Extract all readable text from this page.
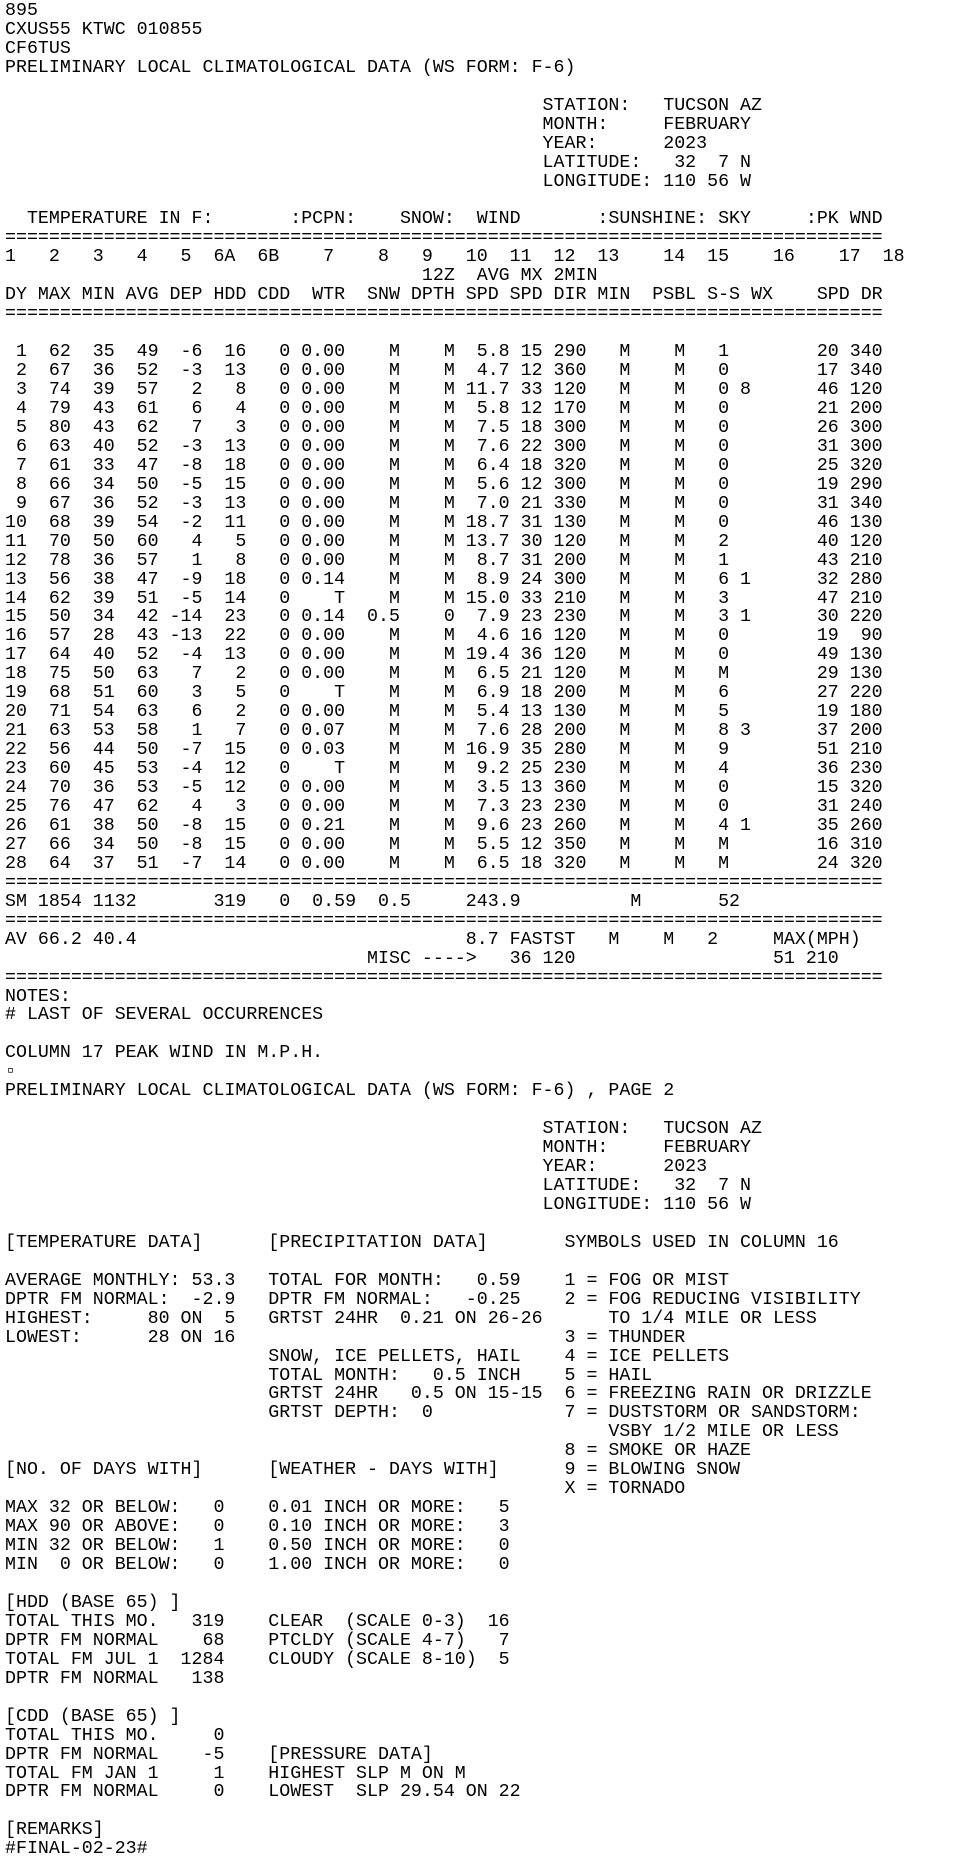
895
CXUS55 KTWC 010855
CF6TUS
PRELIMINARY LOCAL CLIMATOLOGICAL DATA (WS FORM: F-6)
STATION:   TUCSON AZ
MONTH:     FEBRUARY
YEAR:      2023
LATITUDE:   32  7 N
LONGITUDE: 110 56 W
TEMPERATURE IN F:       :PCPN:    SNOW:  WIND       :SUNSHINE: SKY     :PK WND
================================================================================
1   2   3   4   5  6A  6B    7    8   9   10  11  12  13    14  15    16    17  18
12Z  AVG MX 2MIN
DY MAX MIN AVG DEP HDD CDD  WTR  SNW DPTH SPD SPD DIR MIN  PSBL S-S WX    SPD DR
================================================================================
1  62  35  49  -6  16   0 0.00    M    M  5.8 15 290   M    M   1        20 340
2  67  36  52  -3  13   0 0.00    M    M  4.7 12 360   M    M   0        17 340
3  74  39  57   2   8   0 0.00    M    M 11.7 33 120   M    M   0 8      46 120
4  79  43  61   6   4   0 0.00    M    M  5.8 12 170   M    M   0        21 200
5  80  43  62   7   3   0 0.00    M    M  7.5 18 300   M    M   0        26 300
6  63  40  52  -3  13   0 0.00    M    M  7.6 22 300   M    M   0        31 300
7  61  33  47  -8  18   0 0.00    M    M  6.4 18 320   M    M   0        25 320
8  66  34  50  -5  15   0 0.00    M    M  5.6 12 300   M    M   0        19 290
9  67  36  52  -3  13   0 0.00    M    M  7.0 21 330   M    M   0        31 340
10  68  39  54  -2  11   0 0.00    M    M 18.7 31 130   M    M   0        46 130
11  70  50  60   4   5   0 0.00    M    M 13.7 30 120   M    M   2        40 120
12  78  36  57   1   8   0 0.00    M    M  8.7 31 200   M    M   1        43 210
13  56  38  47  -9  18   0 0.14    M    M  8.9 24 300   M    M   6 1      32 280
14  62  39  51  -5  14   0    T    M    M 15.0 33 210   M    M   3        47 210
15  50  34  42 -14  23   0 0.14  0.5    0  7.9 23 230   M    M   3 1      30 220
16  57  28  43 -13  22   0 0.00    M    M  4.6 16 120   M    M   0        19  90
17  64  40  52  -4  13   0 0.00    M    M 19.4 36 120   M    M   0        49 130
18  75  50  63   7   2   0 0.00    M    M  6.5 21 120   M    M   M        29 130
19  68  51  60   3   5   0    T    M    M  6.9 18 200   M    M   6        27 220
20  71  54  63   6   2   0 0.00    M    M  5.4 13 130   M    M   5        19 180
21  63  53  58   1   7   0 0.07    M    M  7.6 28 200   M    M   8 3      37 200
22  56  44  50  -7  15   0 0.03    M    M 16.9 35 280   M    M   9        51 210
23  60  45  53  -4  12   0    T    M    M  9.2 25 230   M    M   4        36 230
24  70  36  53  -5  12   0 0.00    M    M  3.5 13 360   M    M   0        15 320
25  76  47  62   4   3   0 0.00    M    M  7.3 23 230   M    M   0        31 240
26  61  38  50  -8  15   0 0.21    M    M  9.6 23 260   M    M   4 1      35 260
27  66  34  50  -8  15   0 0.00    M    M  5.5 12 350   M    M   M        16 310
28  64  37  51  -7  14   0 0.00    M    M  6.5 18 320   M    M   M        24 320
================================================================================
SM 1854 1132       319   0  0.59  0.5     243.9          M       52
================================================================================
AV 66.2 40.4                              8.7 FASTST   M    M   2     MAX(MPH)
MISC ---->   36 120                  51 210
================================================================================
NOTES:
# LAST OF SEVERAL OCCURRENCES
COLUMN 17 PEAK WIND IN M.P.H.
▫
PRELIMINARY LOCAL CLIMATOLOGICAL DATA (WS FORM: F-6) , PAGE 2
STATION:   TUCSON AZ
MONTH:     FEBRUARY
YEAR:      2023
LATITUDE:   32  7 N
LONGITUDE: 110 56 W
[TEMPERATURE DATA]      [PRECIPITATION DATA]       SYMBOLS USED IN COLUMN 16
AVERAGE MONTHLY: 53.3   TOTAL FOR MONTH:   0.59    1 = FOG OR MIST
DPTR FM NORMAL:  -2.9   DPTR FM NORMAL:   -0.25    2 = FOG REDUCING VISIBILITY
HIGHEST:     80 ON  5   GRTST 24HR  0.21 ON 26-26      TO 1/4 MILE OR LESS
LOWEST:      28 ON 16                              3 = THUNDER
SNOW, ICE PELLETS, HAIL    4 = ICE PELLETS
TOTAL MONTH:   0.5 INCH    5 = HAIL
GRTST 24HR   0.5 ON 15-15  6 = FREEZING RAIN OR DRIZZLE
GRTST DEPTH:  0            7 = DUSTSTORM OR SANDSTORM:
VSBY 1/2 MILE OR LESS
8 = SMOKE OR HAZE
[NO. OF DAYS WITH]      [WEATHER - DAYS WITH]      9 = BLOWING SNOW
X = TORNADO
MAX 32 OR BELOW:   0    0.01 INCH OR MORE:   5
MAX 90 OR ABOVE:   0    0.10 INCH OR MORE:   3
MIN 32 OR BELOW:   1    0.50 INCH OR MORE:   0
MIN  0 OR BELOW:   0    1.00 INCH OR MORE:   0
[HDD (BASE 65) ]
TOTAL THIS MO.   319    CLEAR  (SCALE 0-3)  16
DPTR FM NORMAL    68    PTCLDY (SCALE 4-7)   7
TOTAL FM JUL 1  1284    CLOUDY (SCALE 8-10)  5
DPTR FM NORMAL   138
[CDD (BASE 65) ]
TOTAL THIS MO.     0
DPTR FM NORMAL    -5    [PRESSURE DATA]
TOTAL FM JAN 1     1    HIGHEST SLP M ON M
DPTR FM NORMAL     0    LOWEST  SLP 29.54 ON 22
[REMARKS]
#FINAL-02-23#
